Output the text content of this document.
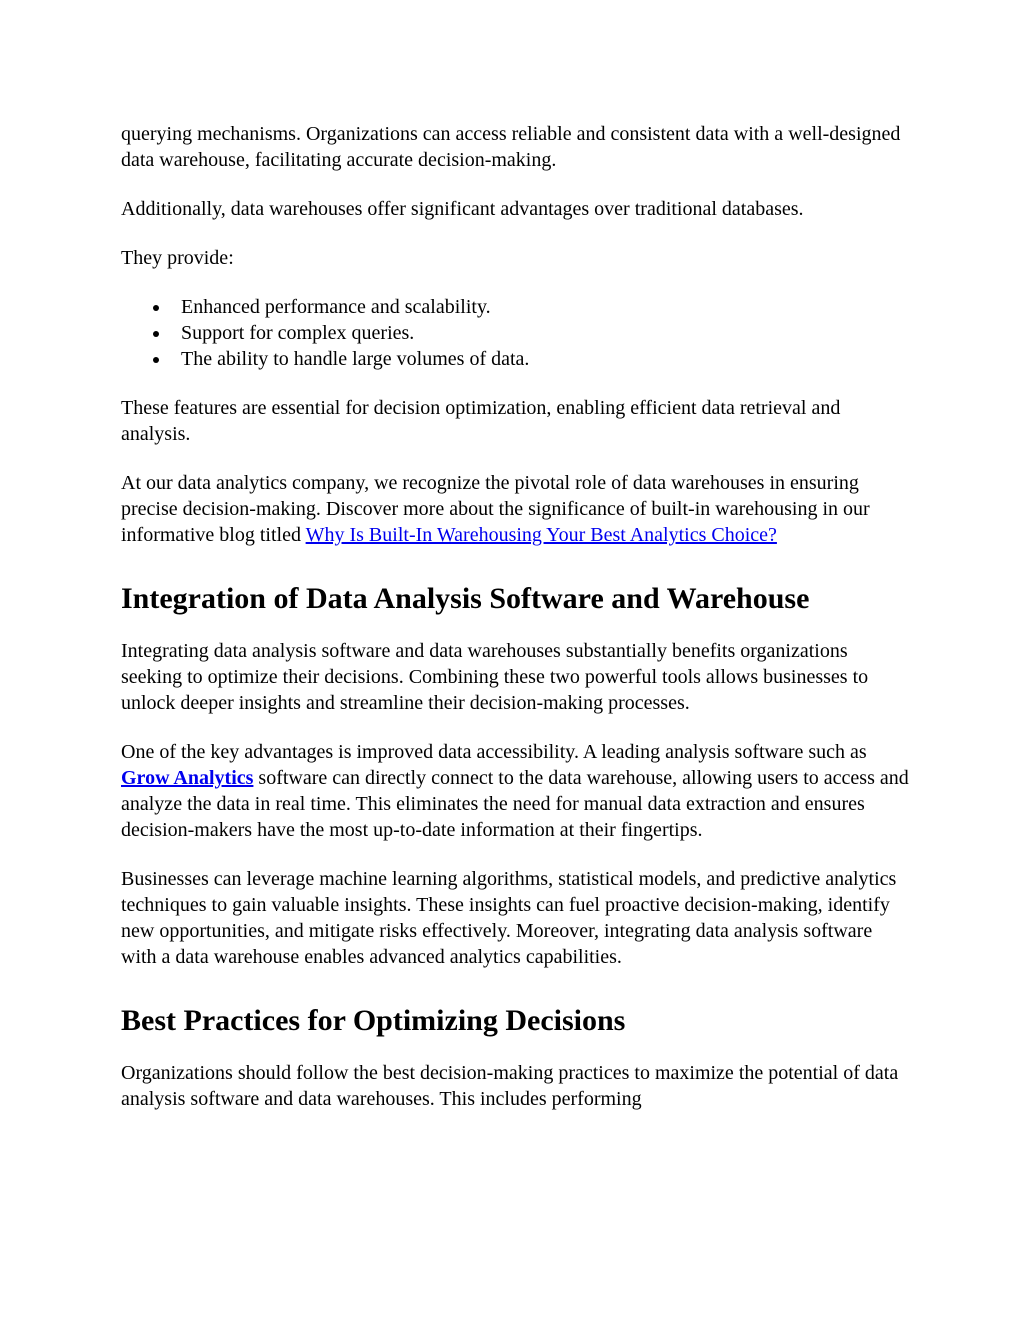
querying mechanisms. Organizations can access reliable and consistent data with a well-designed data warehouse, facilitating accurate decision-making.

Additionally, data warehouses offer significant advantages over traditional databases.

They provide:

Enhanced performance and scalability.
Support for complex queries.
The ability to handle large volumes of data.

These features are essential for decision optimization, enabling efficient data retrieval and analysis.

At our data analytics company, we recognize the pivotal role of data warehouses in ensuring precise decision-making. Discover more about the significance of built-in warehousing in our informative blog titled Why Is Built-In Warehousing Your Best Analytics Choice?

Integration of Data Analysis Software and Warehouse

Integrating data analysis software and data warehouses substantially benefits organizations seeking to optimize their decisions. Combining these two powerful tools allows businesses to unlock deeper insights and streamline their decision-making processes.

One of the key advantages is improved data accessibility. A leading analysis software such as Grow Analytics software can directly connect to the data warehouse, allowing users to access and analyze the data in real time. This eliminates the need for manual data extraction and ensures decision-makers have the most up-to-date information at their fingertips.

Businesses can leverage machine learning algorithms, statistical models, and predictive analytics techniques to gain valuable insights. These insights can fuel proactive decision-making, identify new opportunities, and mitigate risks effectively. Moreover, integrating data analysis software with a data warehouse enables advanced analytics capabilities.

Best Practices for Optimizing Decisions

Organizations should follow the best decision-making practices to maximize the potential of data analysis software and data warehouses. This includes performing
